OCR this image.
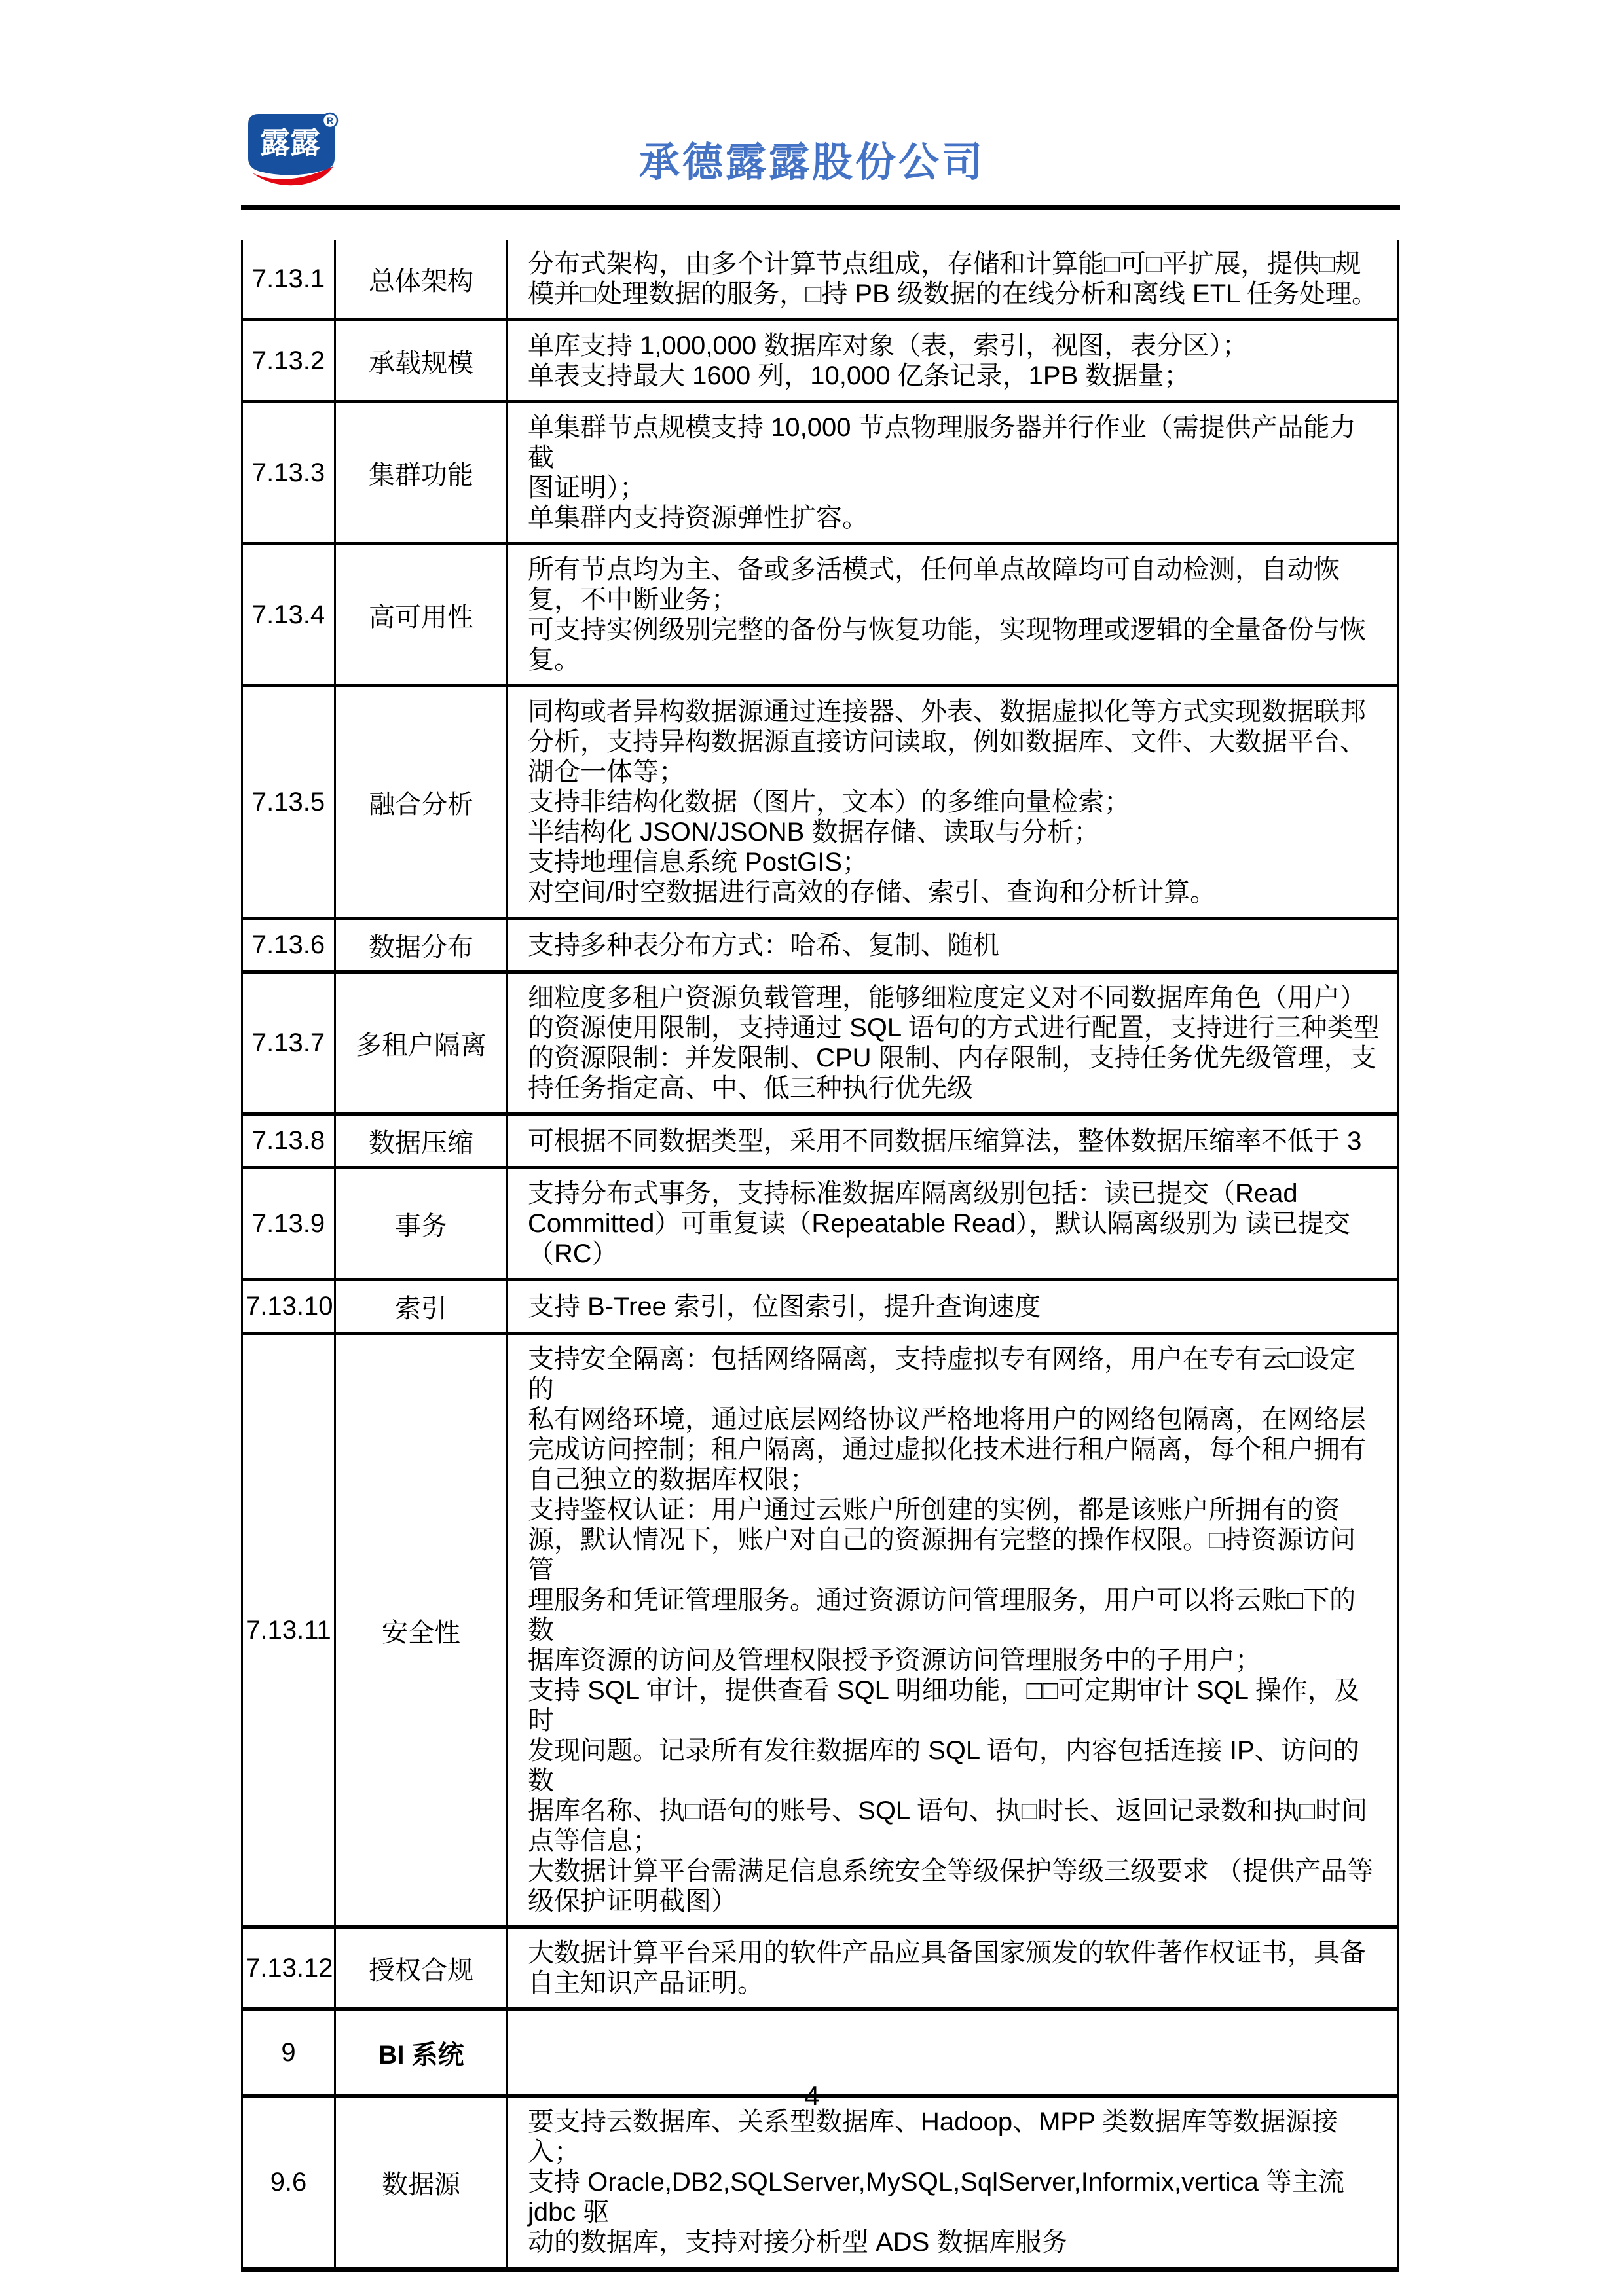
露露
R
承德露露股份公司
7.13.1	总体架构	分布式架构，由多个计算节点组成，存储和计算能□可□平扩展，提供□规
模并□处理数据的服务，□持 PB 级数据的在线分析和离线 ETL 任务处理。

7.13.2	承载规模	单库支持 1,000,000 数据库对象（表，索引，视图，表分区）；
单表支持最大 1600 列，10,000 亿条记录，1PB 数据量；

7.13.3	集群功能	单集群节点规模支持 10,000 节点物理服务器并行作业（需提供产品能力截
图证明）；
单集群内支持资源弹性扩容。

7.13.4	高可用性	所有节点均为主、备或多活模式，任何单点故障均可自动检测，自动恢
复，不中断业务；
可支持实例级别完整的备份与恢复功能，实现物理或逻辑的全量备份与恢
复。

7.13.5	融合分析	
同构或者异构数据源通过连接器、外表、数据虚拟化等方式实现数据联邦
分析，支持异构数据源直接访问读取，例如数据库、文件、大数据平台、
湖仓一体等；
支持非结构化数据（图片，文本）的多维向量检索；
半结构化 JSON/JSONB 数据存储、读取与分析；
支持地理信息系统 PostGIS；
对空间/时空数据进行高效的存储、索引、查询和分析计算。

7.13.6	数据分布	支持多种表分布方式：哈希、复制、随机

7.13.7	多租户隔离	细粒度多租户资源负载管理，能够细粒度定义对不同数据库角色（用户）
的资源使用限制，支持通过 SQL 语句的方式进行配置，支持进行三种类型
的资源限制：并发限制、CPU 限制、内存限制，支持任务优先级管理，支
持任务指定高、中、低三种执行优先级

7.13.8	数据压缩	可根据不同数据类型，采用不同数据压缩算法，整体数据压缩率不低于 3

7.13.9	事务	支持分布式事务，支持标准数据库隔离级别包括：读已提交（Read
Committed）可重复读（Repeatable Read），默认隔离级别为 读已提交
（RC）

7.13.10	索引	支持 B-Tree 索引，位图索引，提升查询速度

7.13.11	安全性	
支持安全隔离：包括网络隔离，支持虚拟专有网络，用户在专有云□设定的
私有网络环境，通过底层网络协议严格地将用户的网络包隔离，在网络层
完成访问控制；租户隔离，通过虚拟化技术进行租户隔离，每个租户拥有
自己独立的数据库权限；
支持鉴权认证：用户通过云账户所创建的实例，都是该账户所拥有的资
源，默认情况下，账户对自己的资源拥有完整的操作权限。□持资源访问管
理服务和凭证管理服务。通过资源访问管理服务，用户可以将云账□下的数
据库资源的访问及管理权限授予资源访问管理服务中的子用户；
支持 SQL 审计，提供查看 SQL 明细功能，□□可定期审计 SQL 操作，及时
发现问题。记录所有发往数据库的 SQL 语句，内容包括连接 IP、访问的数
据库名称、执□语句的账号、SQL 语句、执□时长、返回记录数和执□时间
点等信息；
大数据计算平台需满足信息系统安全等级保护等级三级要求 （提供产品等
级保护证明截图）

7.13.12	授权合规	大数据计算平台采用的软件产品应具备国家颁发的软件著作权证书，具备
自主知识产品证明。

9	BI 系统	
9.6	数据源	要支持云数据库、关系型数据库、Hadoop、MPP 类数据库等数据源接入；
支持 Oracle,DB2,SQLServer,MySQL,SqlServer,Informix,vertica 等主流 jdbc 驱
动的数据库，支持对接分析型 ADS 数据库服务
4
